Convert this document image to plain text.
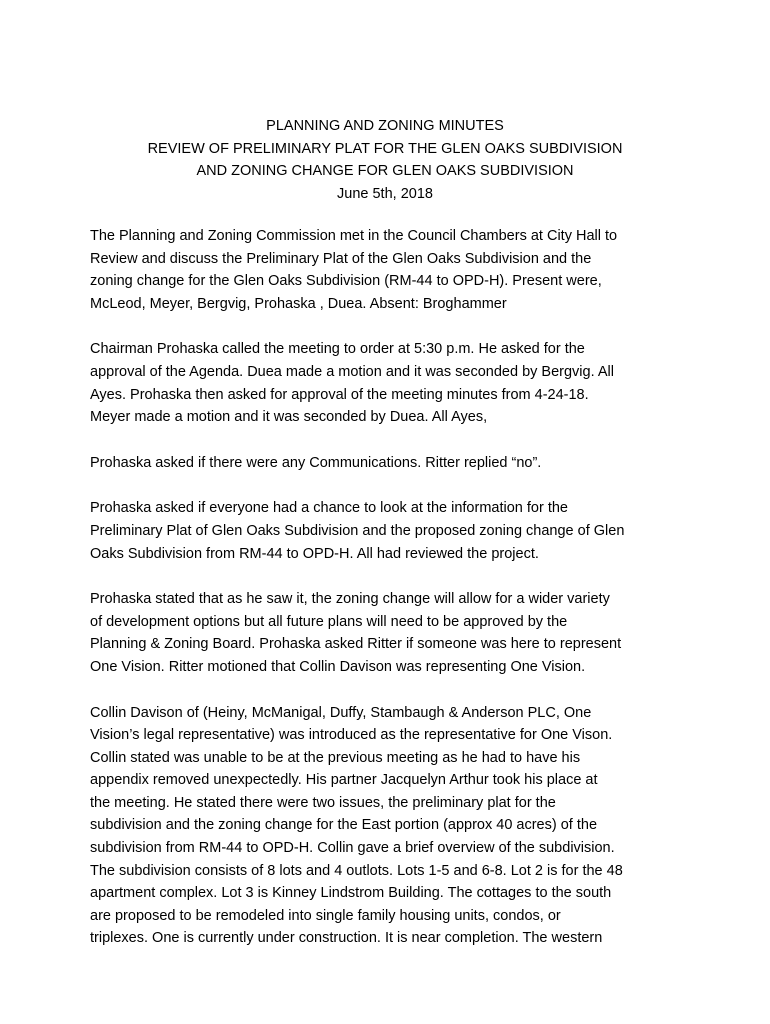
PLANNING AND ZONING MINUTES
REVIEW OF PRELIMINARY PLAT FOR THE GLEN OAKS SUBDIVISION
AND ZONING CHANGE FOR GLEN OAKS SUBDIVISION
June 5th, 2018
The Planning and Zoning Commission met in the Council Chambers at City Hall to
Review and discuss the Preliminary Plat of the Glen Oaks Subdivision and the
zoning change for the Glen Oaks Subdivision (RM-44 to OPD-H). Present were,
McLeod, Meyer, Bergvig, Prohaska , Duea. Absent: Broghammer
Chairman Prohaska called the meeting to order at 5:30 p.m. He asked for the
approval of the Agenda. Duea made a motion and it was seconded by Bergvig. All
Ayes. Prohaska then asked for approval of the meeting minutes from 4-24-18.
Meyer made a motion and it was seconded by Duea. All Ayes,
Prohaska asked if there were any Communications. Ritter replied “no”.
Prohaska asked if everyone had a chance to look at the information for the
Preliminary Plat of Glen Oaks Subdivision and the proposed zoning change of Glen
Oaks Subdivision from RM-44 to OPD-H. All had reviewed the project.
Prohaska stated that as he saw it, the zoning change will allow for a wider variety
of development options but all future plans will need to be approved by the
Planning & Zoning Board. Prohaska asked Ritter if someone was here to represent
One Vision. Ritter motioned that Collin Davison was representing One Vision.
Collin Davison of (Heiny, McManigal, Duffy, Stambaugh & Anderson PLC, One
Vision’s legal representative) was introduced as the representative for One Vison.
Collin stated was unable to be at the previous meeting as he had to have his
appendix removed unexpectedly. His partner Jacquelyn Arthur took his place at
the meeting. He stated there were two issues, the preliminary plat for the
subdivision and the zoning change for the East portion (approx 40 acres) of the
subdivision from RM-44 to OPD-H. Collin gave a brief overview of the subdivision.
The subdivision consists of 8 lots and 4 outlots. Lots 1-5 and 6-8. Lot 2 is for the 48
apartment complex. Lot 3 is Kinney Lindstrom Building. The cottages to the south
are proposed to be remodeled into single family housing units, condos, or
triplexes. One is currently under construction. It is near completion. The western
